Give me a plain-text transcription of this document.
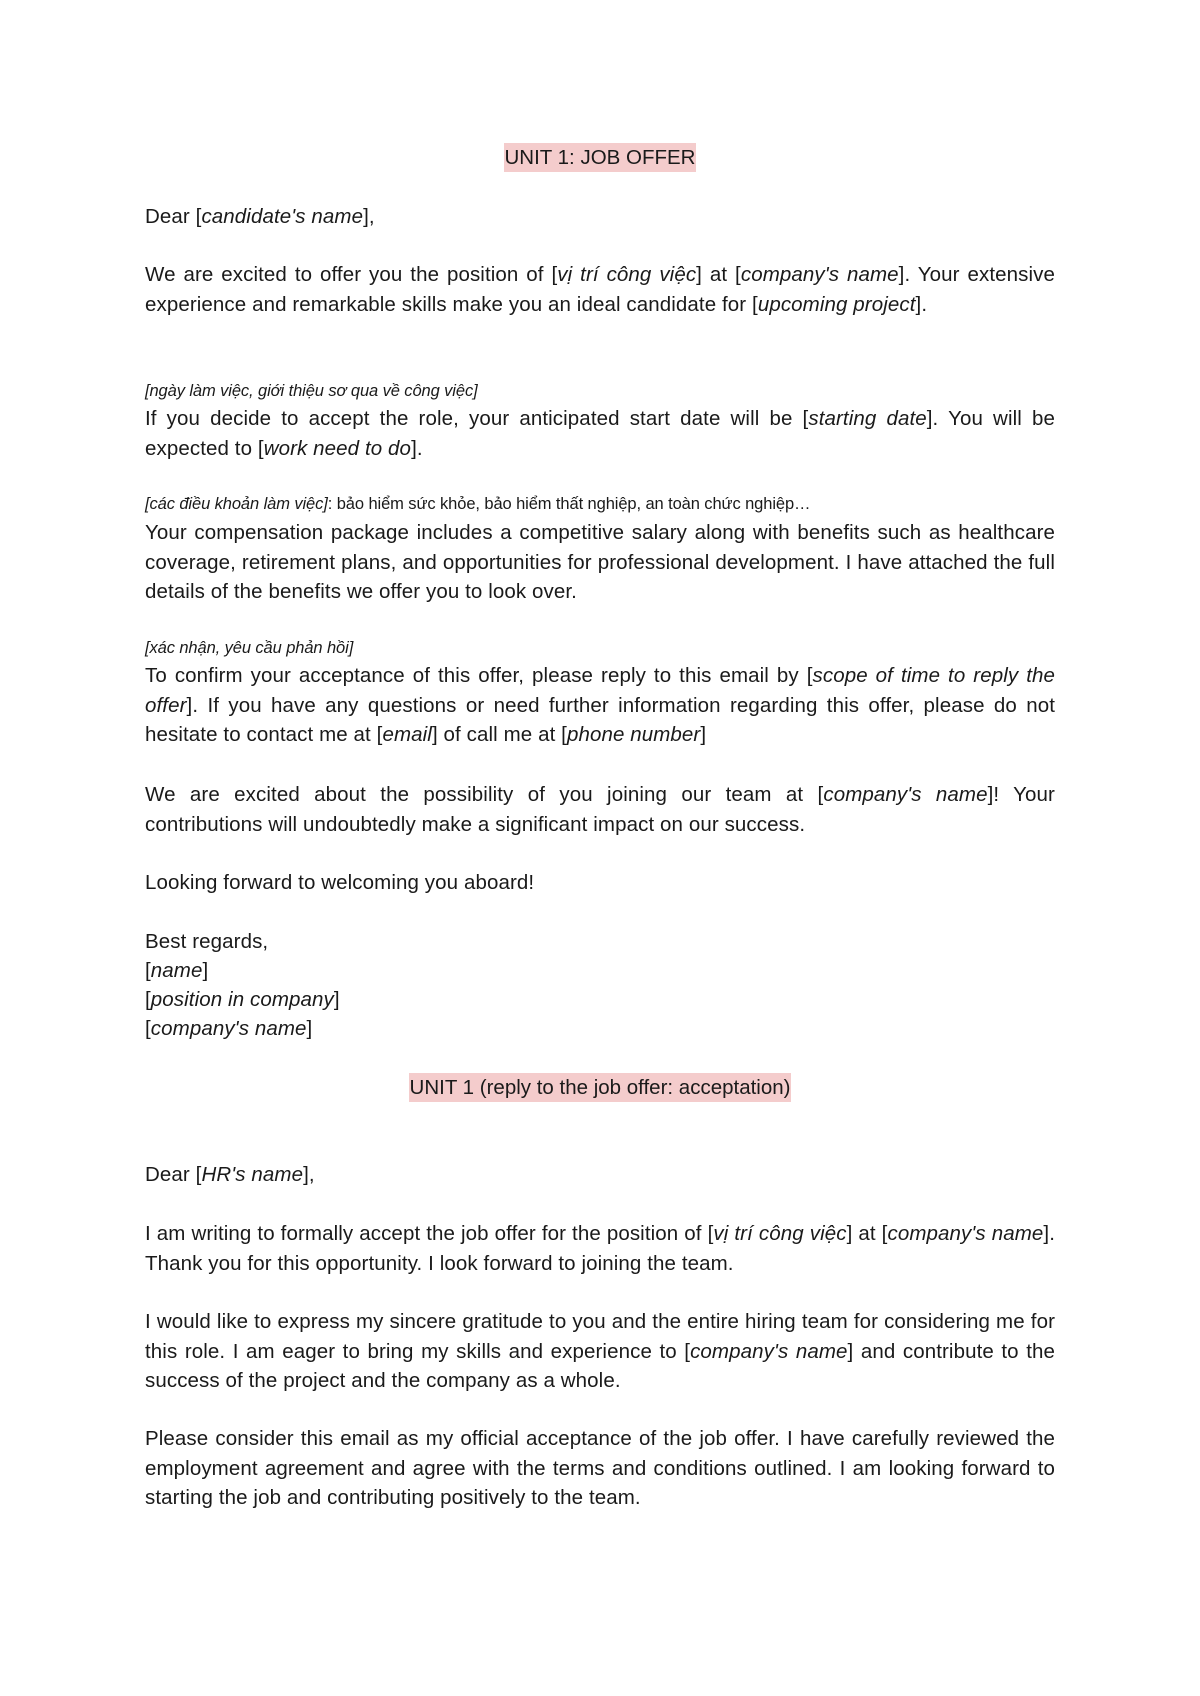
UNIT 1: JOB OFFER

Dear [candidate's name],

We are excited to offer you the position of [vị trí công việc] at [company's name]. Your extensive experience and remarkable skills make you an ideal candidate for [upcoming project].

[ngày làm việc, giới thiệu sơ qua về công việc]

If you decide to accept the role, your anticipated start date will be [starting date]. You will be expected to [work need to do].

[các điều khoản làm việc]: bảo hiểm sức khỏe, bảo hiểm thất nghiệp, an toàn chức nghiệp…

Your compensation package includes a competitive salary along with benefits such as healthcare coverage, retirement plans, and opportunities for professional development. I have attached the full details of the benefits we offer you to look over.

[xác nhận, yêu cầu phản hồi]

To confirm your acceptance of this offer, please reply to this email by [scope of time to reply the offer]. If you have any questions or need further information regarding this offer, please do not hesitate to contact me at [email] of call me at [phone number]

We are excited about the possibility of you joining our team at [company's name]! Your contributions will undoubtedly make a significant impact on our success.

Looking forward to welcoming you aboard!

Best regards,

[name]

[position in company]

[company's name]

UNIT 1 (reply to the job offer: acceptation)

Dear [HR's name],

I am writing to formally accept the job offer for the position of [vị trí công việc] at [company's name]. Thank you for this opportunity. I look forward to joining the team.

I would like to express my sincere gratitude to you and the entire hiring team for considering me for this role. I am eager to bring my skills and experience to [company's name] and contribute to the success of the project and the company as a whole.

Please consider this email as my official acceptance of the job offer. I have carefully reviewed the employment agreement and agree with the terms and conditions outlined. I am looking forward to starting the job and contributing positively to the team.
